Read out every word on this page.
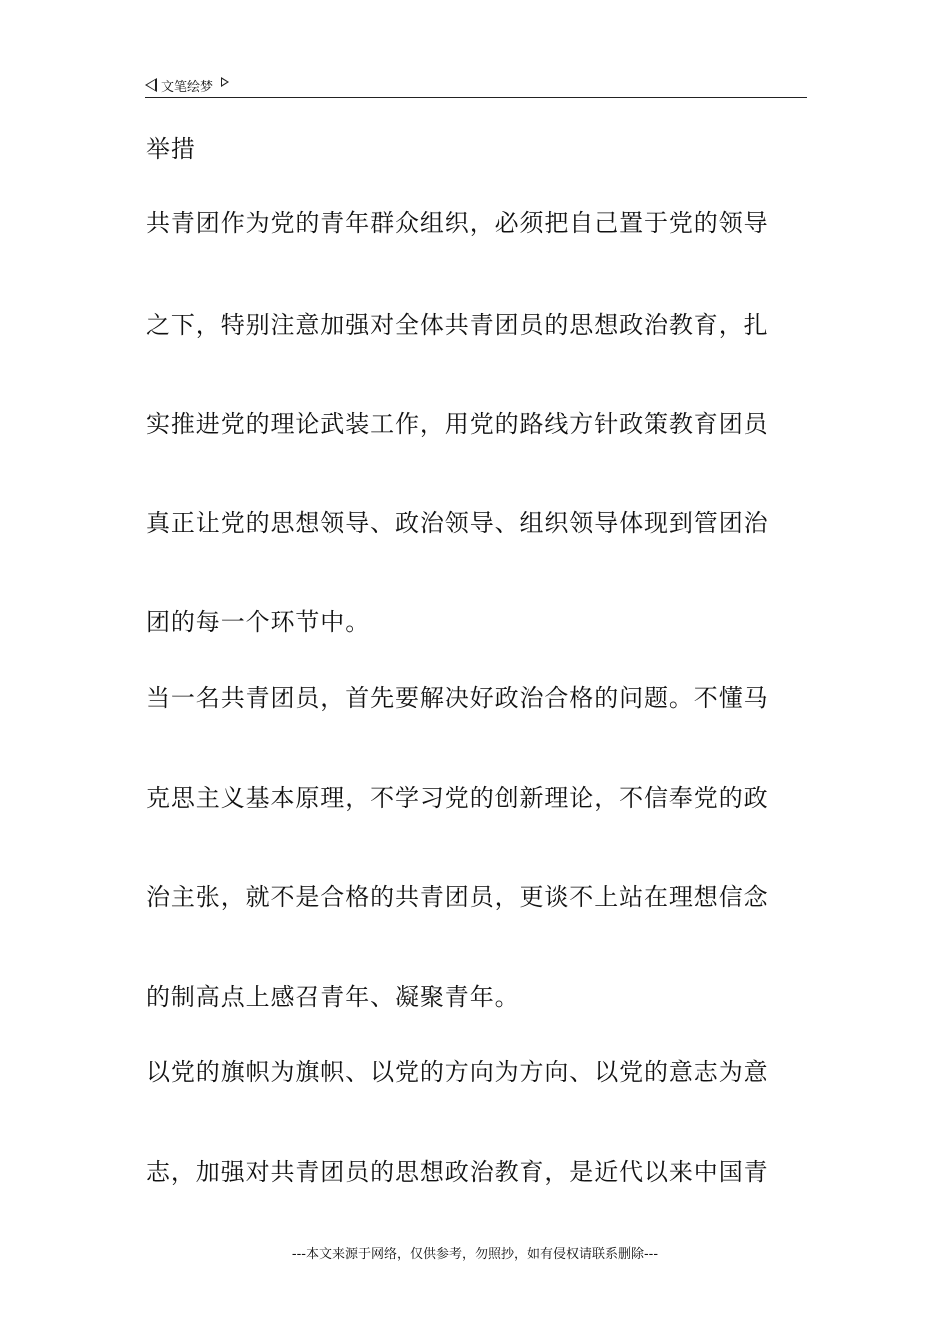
文笔绘梦
举措
共青团作为党的青年群众组织，必须把自己置于党的领导
之下，特别注意加强对全体共青团员的思想政治教育，扎
实推进党的理论武装工作，用党的路线方针政策教育团员
真正让党的思想领导、政治领导、组织领导体现到管团治
团的每一个环节中。
当一名共青团员，首先要解决好政治合格的问题。不懂马
克思主义基本原理，不学习党的创新理论，不信奉党的政
治主张，就不是合格的共青团员，更谈不上站在理想信念
的制高点上感召青年、凝聚青年。
以党的旗帜为旗帜、以党的方向为方向、以党的意志为意
志，加强对共青团员的思想政治教育，是近代以来中国青
---本文来源于网络，仅供参考，勿照抄，如有侵权请联系删除---
